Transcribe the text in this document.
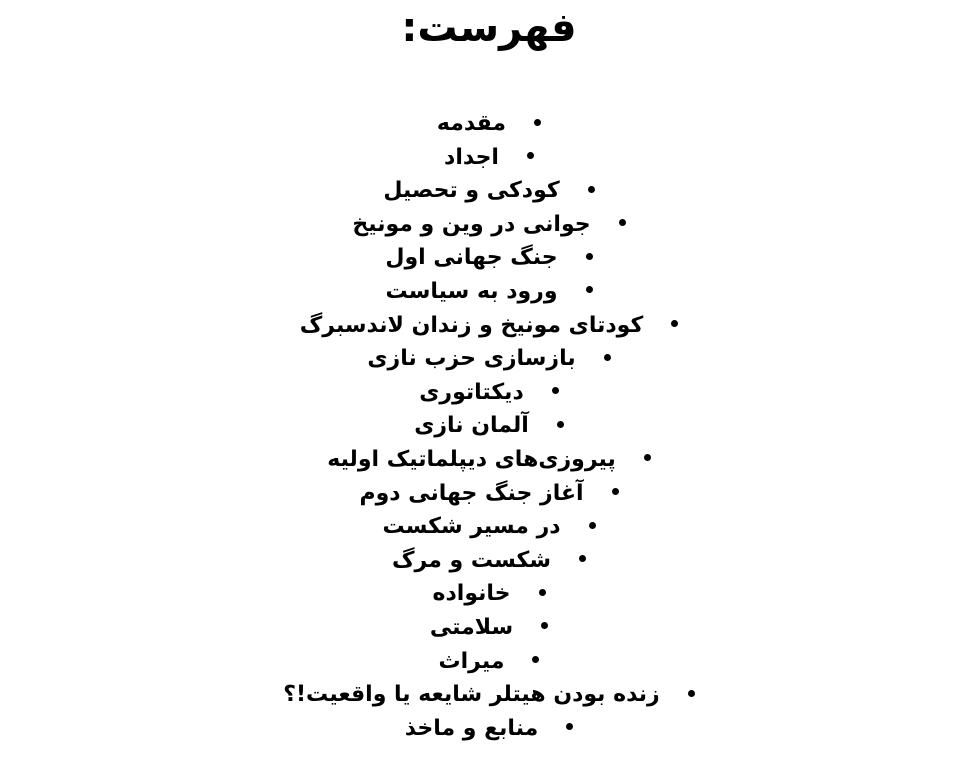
فهرست:
مقدمه
اجداد
کودکی و تحصیل
جوانی در وین و مونیخ
جنگ جهانی اول
ورود به سیاست
کودتای مونیخ و زندان لاندسبرگ
بازسازی حزب نازی
دیکتاتوری
آلمان نازی
پیروزی‌های دیپلماتیک اولیه
آغاز جنگ جهانی دوم
در مسیر شکست
شکست و مرگ
خانواده
سلامتی
میراث
زنده بودن هیتلر شایعه یا واقعیت!؟
منابع و ماخذ
